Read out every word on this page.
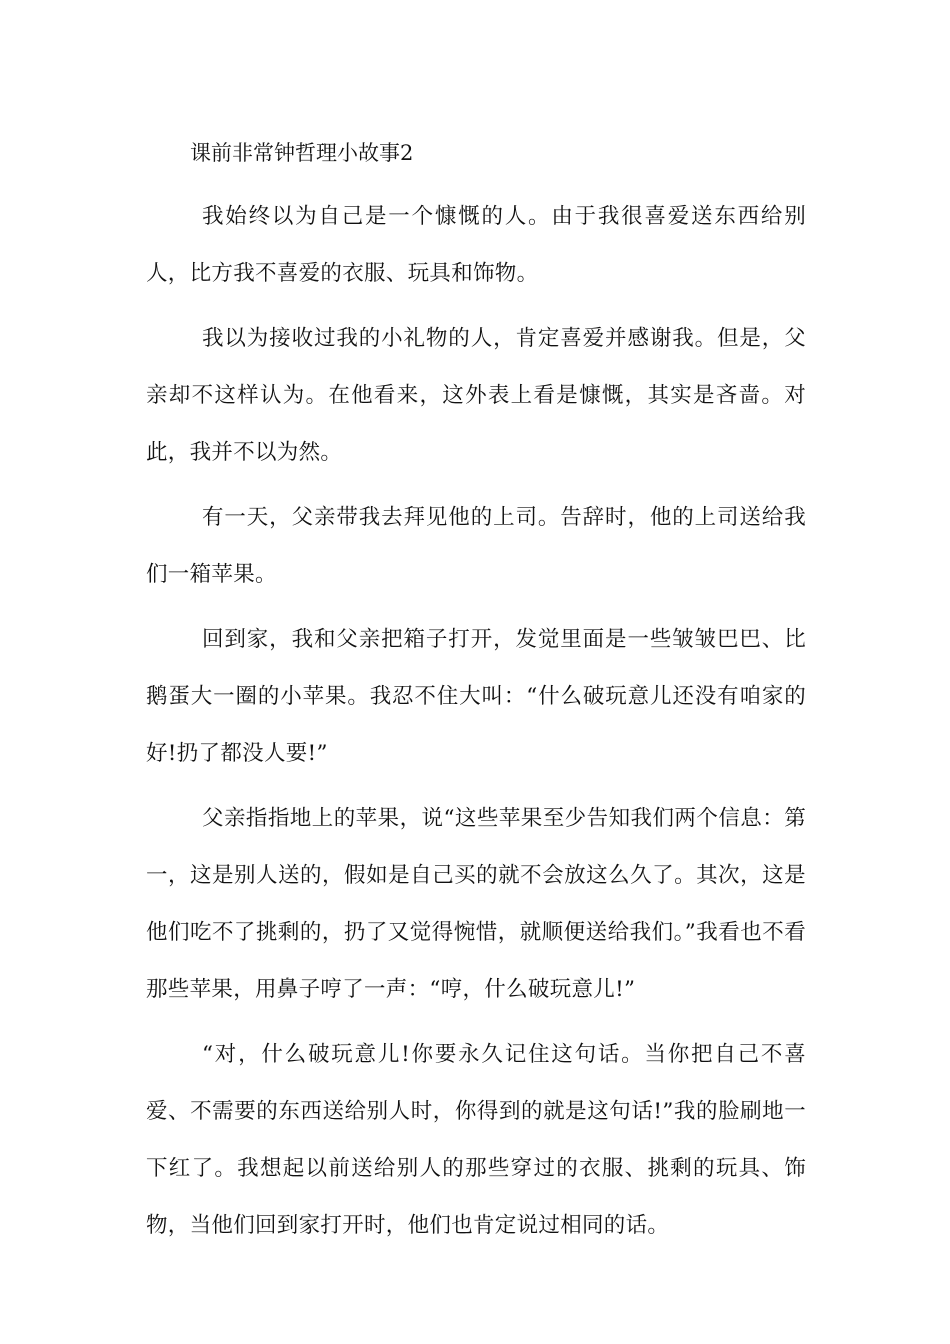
课前非常钟哲理小故事2

我始终以为自己是一个慷慨的人。由于我很喜爱送东西给别人，比方我不喜爱的衣服、玩具和饰物。

我以为接收过我的小礼物的人，肯定喜爱并感谢我。但是，父亲却不这样认为。在他看来，这外表上看是慷慨，其实是吝啬。对此，我并不以为然。

有一天，父亲带我去拜见他的上司。告辞时，他的上司送给我们一箱苹果。

回到家，我和父亲把箱子打开，发觉里面是一些皱皱巴巴、比鹅蛋大一圈的小苹果。我忍不住大叫：“什么破玩意儿还没有咱家的好!扔了都没人要!”

父亲指指地上的苹果，说“这些苹果至少告知我们两个信息：第一，这是别人送的，假如是自己买的就不会放这么久了。其次，这是他们吃不了挑剩的，扔了又觉得惋惜，就顺便送给我们。”我看也不看那些苹果，用鼻子哼了一声：“哼，什么破玩意儿!”

“对，什么破玩意儿!你要永久记住这句话。当你把自己不喜爱、不需要的东西送给别人时，你得到的就是这句话!”我的脸刷地一下红了。我想起以前送给别人的那些穿过的衣服、挑剩的玩具、饰物，当他们回到家打开时，他们也肯定说过相同的话。
